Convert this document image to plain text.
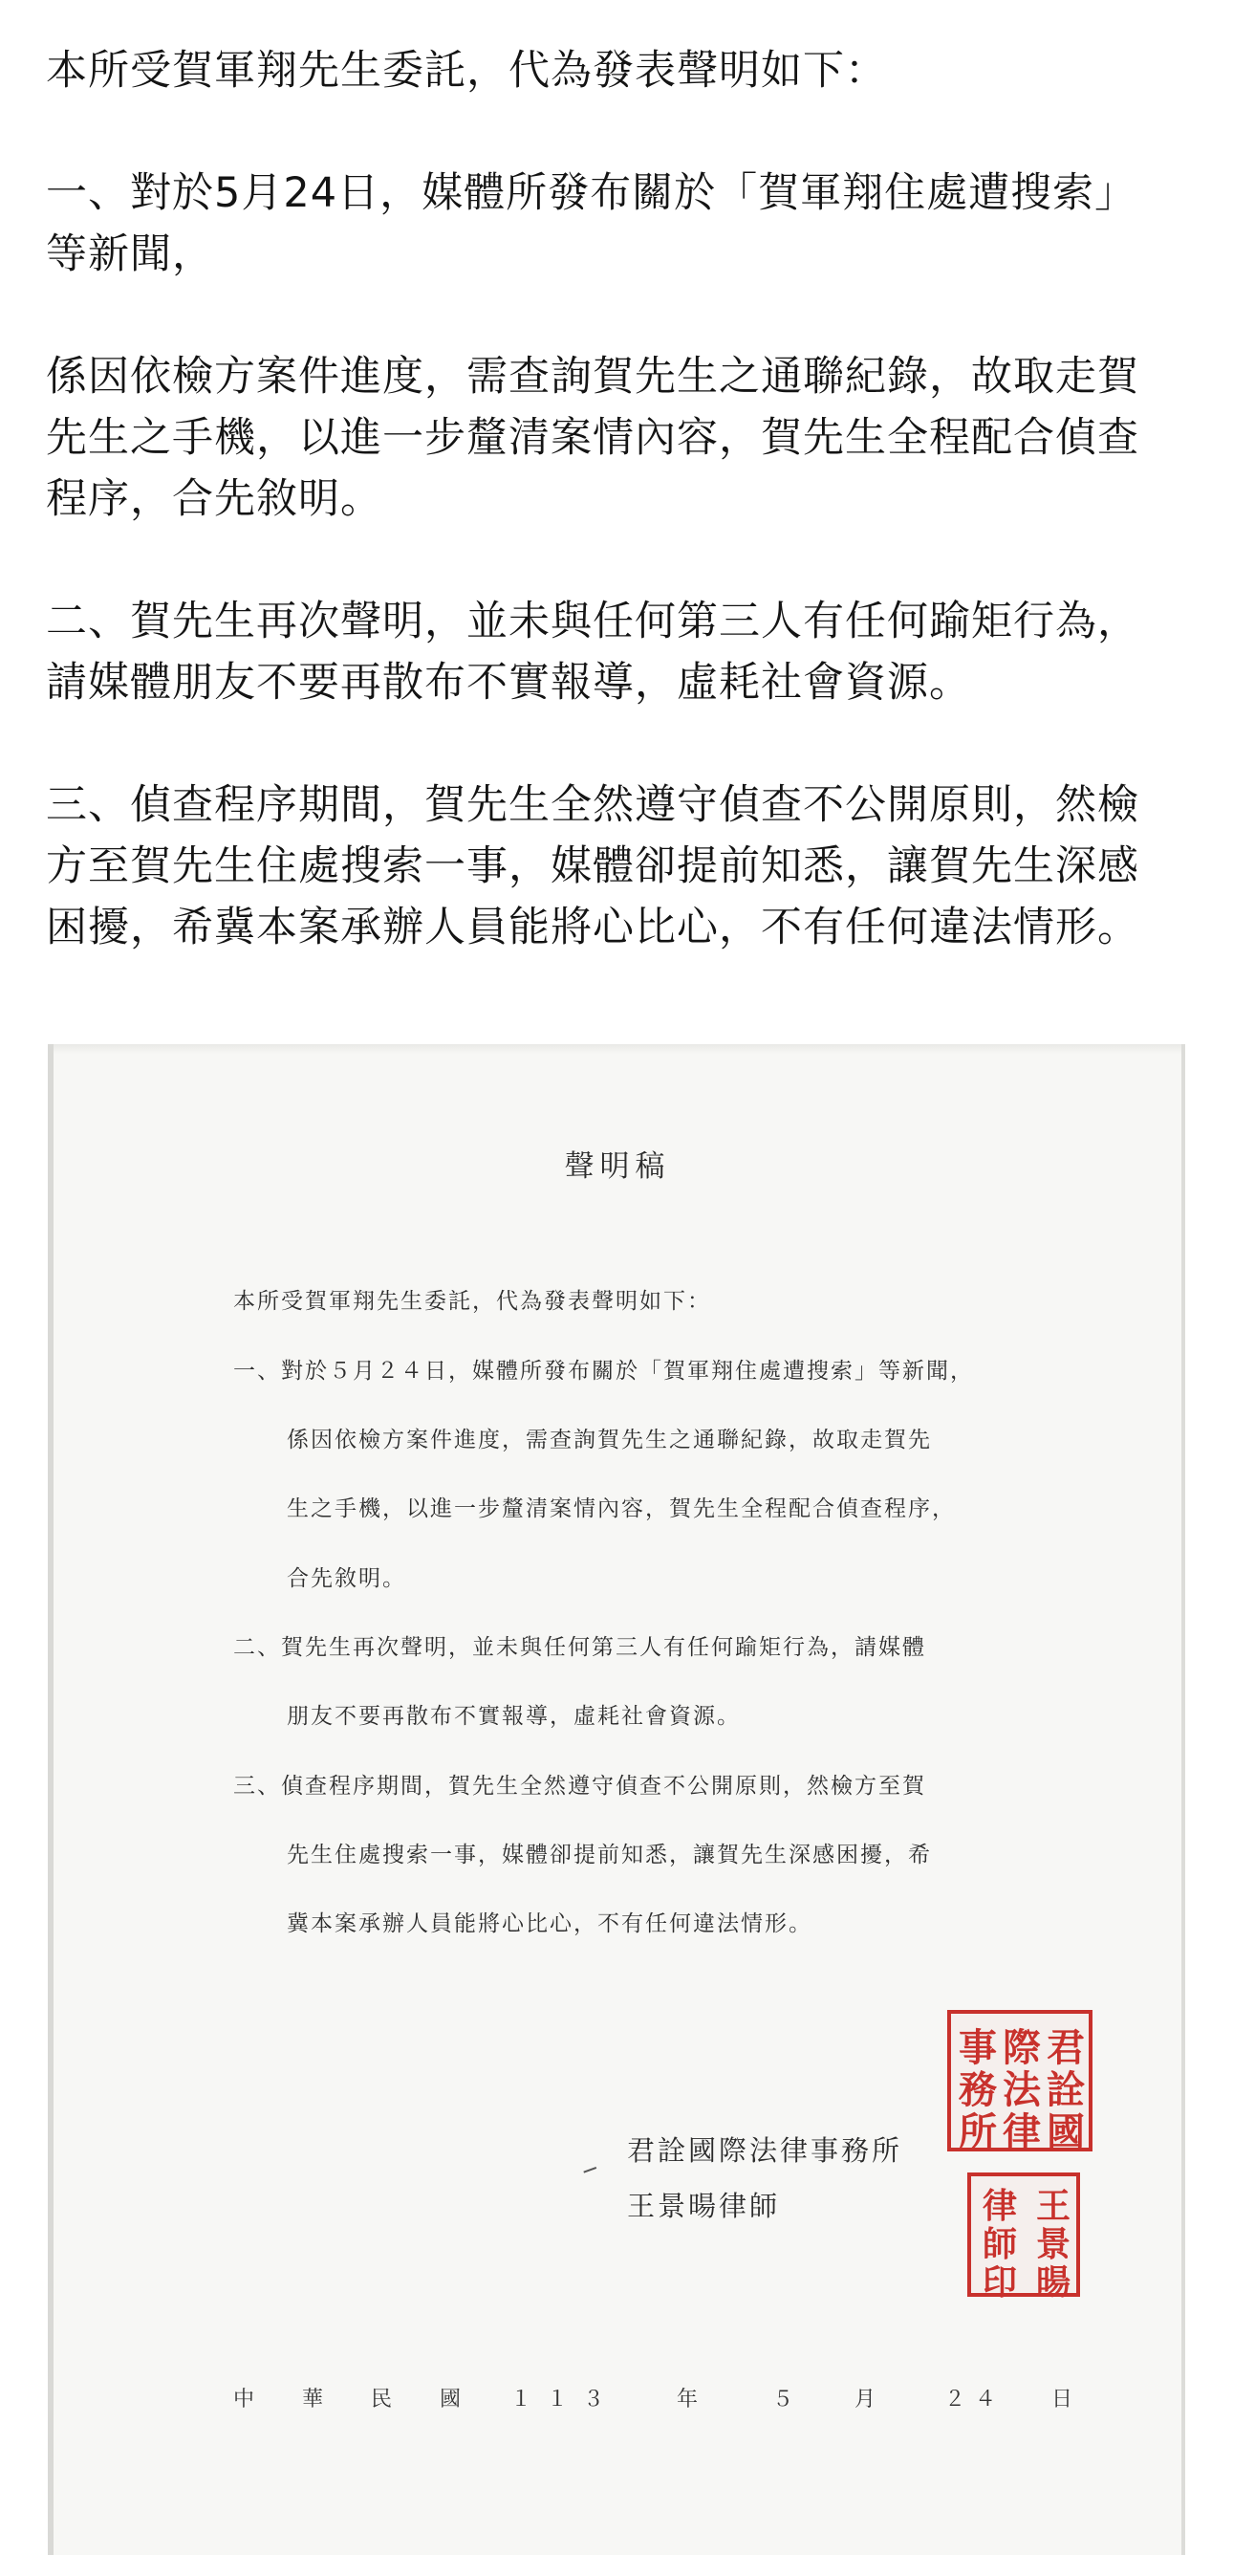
本所受賀軍翔先生委託，代為發表聲明如下：

一、對於5月24日，媒體所發布關於「賀軍翔住處遭搜索」

等新聞，

係因依檢方案件進度，需查詢賀先生之通聯紀錄，故取走賀

先生之手機，以進一步釐清案情內容，賀先生全程配合偵查

程序，合先敘明。

二、賀先生再次聲明，並未與任何第三人有任何踰矩行為，

請媒體朋友不要再散布不實報導，虛耗社會資源。

三、偵查程序期間，賀先生全然遵守偵查不公開原則，然檢

方至賀先生住處搜索一事，媒體卻提前知悉，讓賀先生深感

困擾，希冀本案承辦人員能將心比心，不有任何違法情形。

聲明稿
本所受賀軍翔先生委託，代為發表聲明如下：
一、對於５月２４日，媒體所發布關於「賀軍翔住處遭搜索」等新聞，
係因依檢方案件進度，需查詢賀先生之通聯紀錄，故取走賀先
生之手機，以進一步釐清案情內容，賀先生全程配合偵查程序，
合先敘明。
二、賀先生再次聲明，並未與任何第三人有任何踰矩行為，請媒體
朋友不要再散布不實報導，虛耗社會資源。
三、偵查程序期間，賀先生全然遵守偵查不公開原則，然檢方至賀
先生住處搜索一事，媒體卻提前知悉，讓賀先生深感困擾，希
冀本案承辦人員能將心比心，不有任何違法情形。
君詮國際法律事務所
王景暘律師
君
詮
國
際
法
律
事
務
所
王
景
暘
律
師
印
中 華 民 國 １ １ ３	年	５	月	２ ４	日
